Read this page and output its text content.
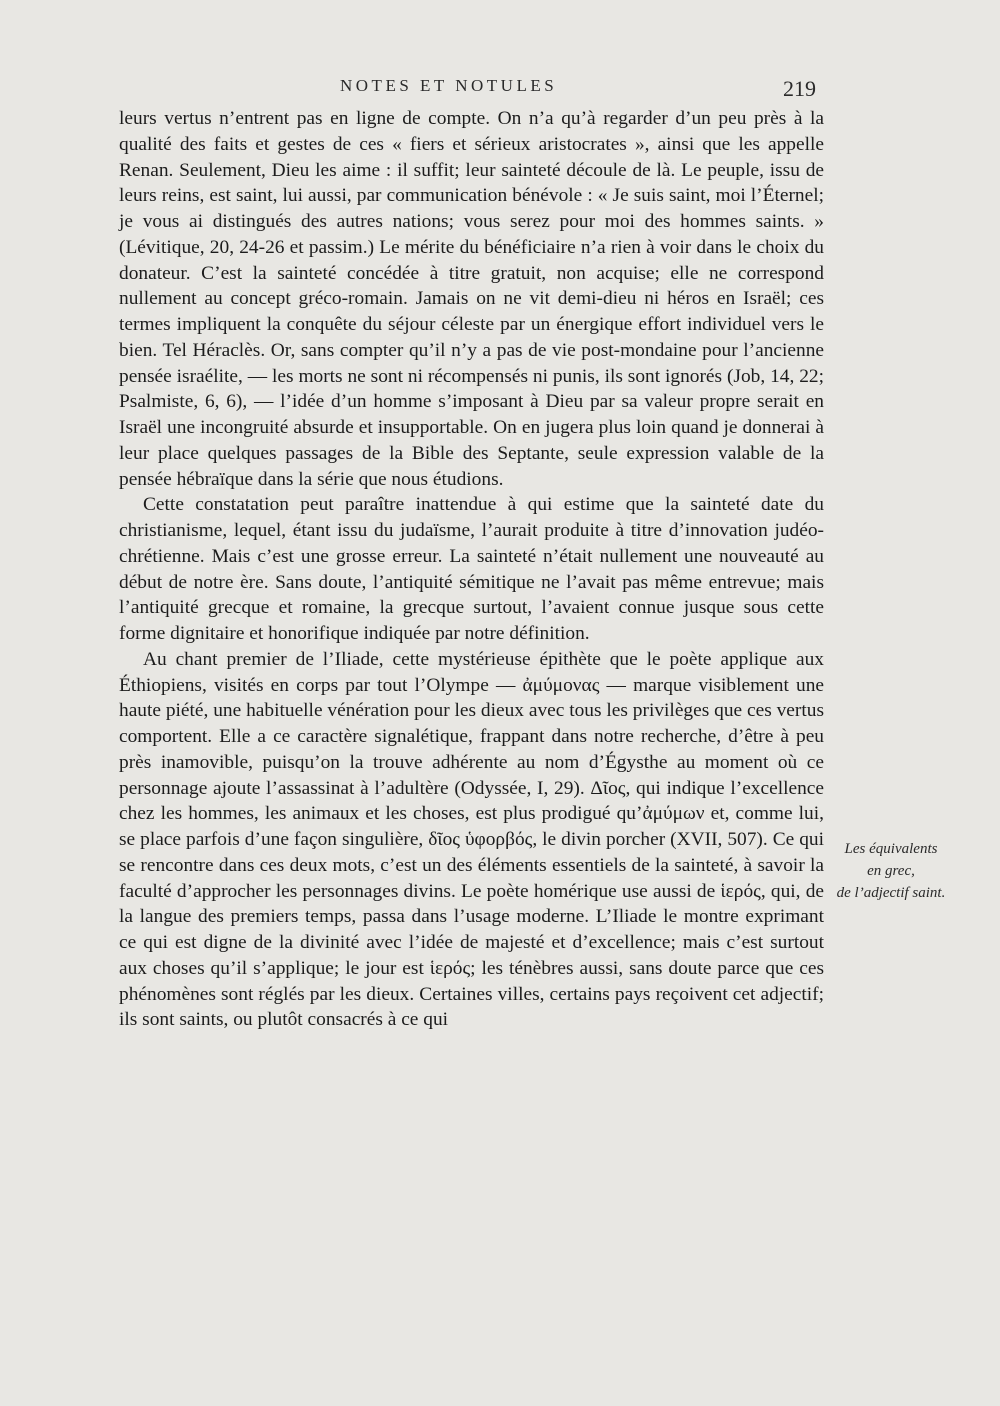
NOTES ET NOTULES	219

leurs vertus n’entrent pas en ligne de compte. On n’a qu’à regarder d’un peu près à la qualité des faits et gestes de ces « fiers et sérieux aristocrates », ainsi que les appelle Renan. Seulement, Dieu les aime : il suffit; leur sainteté découle de là. Le peuple, issu de leurs reins, est saint, lui aussi, par communication bénévole : « Je suis saint, moi l’Éternel; je vous ai distingués des autres nations; vous serez pour moi des hommes saints. » (Lévitique, 20, 24-26 et passim.) Le mérite du bénéficiaire n’a rien à voir dans le choix du donateur. C’est la sainteté concédée à titre gratuit, non acquise; elle ne correspond nullement au concept gréco-romain. Jamais on ne vit demi-dieu ni héros en Israël; ces termes impliquent la conquête du séjour céleste par un énergique effort individuel vers le bien. Tel Héraclès. Or, sans compter qu’il n’y a pas de vie post-mondaine pour l’ancienne pensée israélite, — les morts ne sont ni récompensés ni punis, ils sont ignorés (Job, 14, 22; Psalmiste, 6, 6), — l’idée d’un homme s’imposant à Dieu par sa valeur propre serait en Israël une incongruité absurde et insupportable. On en jugera plus loin quand je donnerai à leur place quelques passages de la Bible des Septante, seule expression valable de la pensée hébraïque dans la série que nous étudions.

Cette constatation peut paraître inattendue à qui estime que la sainteté date du christianisme, lequel, étant issu du judaïsme, l’aurait produite à titre d’innovation judéo-chrétienne. Mais c’est une grosse erreur. La sainteté n’était nullement une nouveauté au début de notre ère. Sans doute, l’antiquité sémitique ne l’avait pas même entrevue; mais l’antiquité grecque et romaine, la grecque surtout, l’avaient connue jusque sous cette forme dignitaire et honorifique indiquée par notre définition.

Au chant premier de l’Iliade, cette mystérieuse épithète que le poète applique aux Éthiopiens, visités en corps par tout l’Olympe — ἀμύμονας — marque visiblement une haute piété, une habituelle vénération pour les dieux avec tous les privilèges que ces vertus comportent. Elle a ce caractère signalétique, frappant dans notre recherche, d’être à peu près inamovible, puisqu’on la trouve adhérente au nom d’Égysthe au moment où ce personnage ajoute l’assassinat à l’adultère (Odyssée, I, 29). Δῖος, qui indique l’excellence chez les hommes, les animaux et les choses, est plus prodigué qu’ἀμύμων et, comme lui, se place parfois d’une façon singulière, δῖος ὑφορβός, le divin porcher (XVII, 507). Ce qui se rencontre dans ces deux mots, c’est un des éléments essentiels de la sainteté, à savoir la faculté d’approcher les personnages divins. Le poète homérique use aussi de ἱερός, qui, de la langue des premiers temps, passa dans l’usage moderne. L’Iliade le montre exprimant ce qui est digne de la divinité avec l’idée de majesté et d’excellence; mais c’est surtout aux choses qu’il s’applique; le jour est ἱερός; les ténèbres aussi, sans doute parce que ces phénomènes sont réglés par les dieux. Certaines villes, certains pays reçoivent cet adjectif; ils sont saints, ou plutôt consacrés à ce qui

Les équivalents
en grec,
de l’adjectif saint.
